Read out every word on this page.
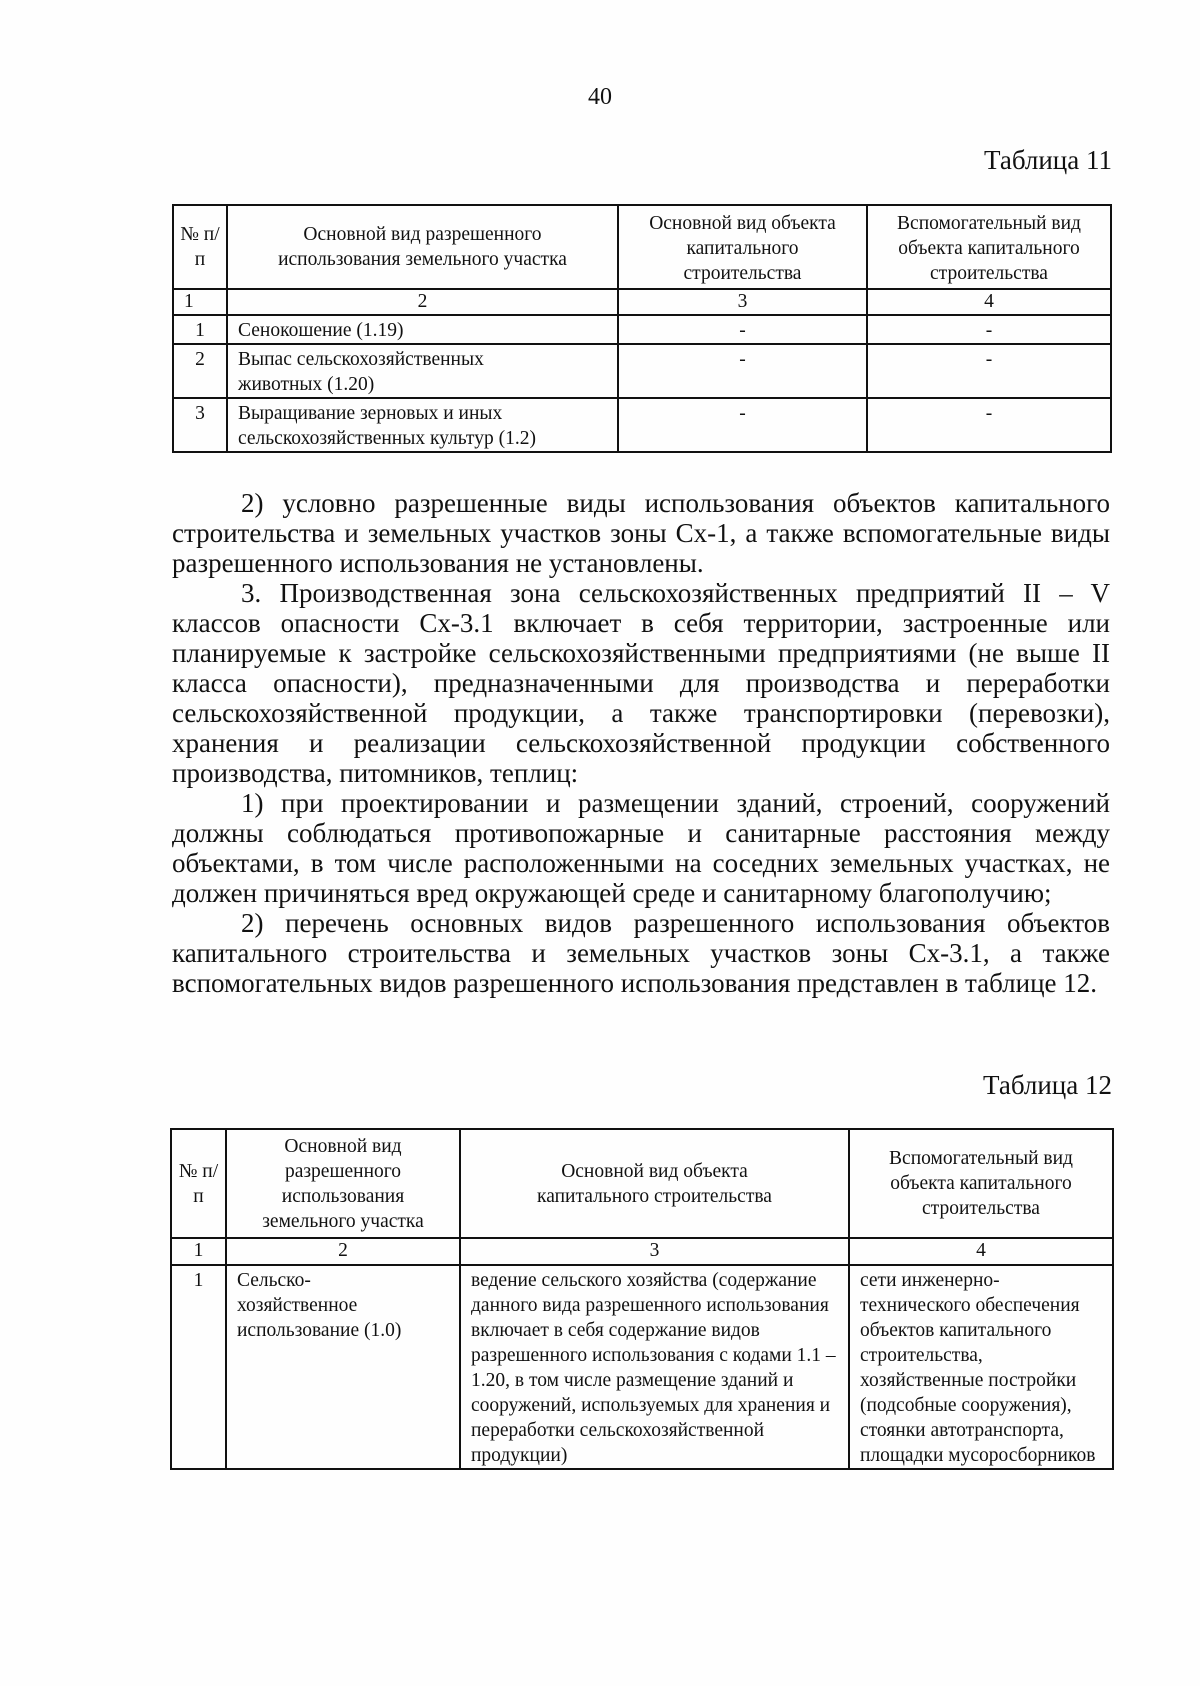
40
Таблица 11
№ п/п	Основной вид разрешенного использования земельного участка	Основной вид объекта капитального строительства	Вспомогательный вид объекта капитального строительства
1	2	3	4
1	Сенокошение (1.19)	-	-
2	Выпас сельскохозяйственных животных (1.20)	-	-
3	Выращивание зерновых и иных сельскохозяйственных культур (1.2)	-	-

2) условно разрешенные виды использования объектов капитального строительства и земельных участков зоны Сх-1, а также вспомогательные виды разрешенного использования не установлены.

3. Производственная зона сельскохозяйственных предприятий II – V классов опасности Сх-3.1 включает в себя территории, застроенные или планируемые к застройке сельскохозяйственными предприятиями (не выше II класса опасности), предназначенными для производства и переработки сельскохозяйственной продукции, а также транспортировки (перевозки), хранения и реализации сельскохозяйственной продукции собственного производства, питомников, теплиц:

1) при проектировании и размещении зданий, строений, сооружений должны соблюдаться противопожарные и санитарные расстояния между объектами, в том числе расположенными на соседних земельных участках, не должен причиняться вред окружающей среде и санитарному благополучию;

2) перечень основных видов разрешенного использования объектов капитального строительства и земельных участков зоны Сх-3.1, а также вспомогательных видов разрешенного использования представлен в таблице 12.

Таблица 12
№ п/п	Основной вид разрешенного использования земельного участка	Основной вид объекта капитального строительства	Вспомогательный вид объекта капитального строительства
1	2	3	4
1	Сельско-хозяйственное использование (1.0)	ведение сельского хозяйства (содержание данного вида разрешенного использования включает в себя содержание видов разрешенного использования с кодами 1.1 – 1.20, в том числе размещение зданий и сооружений, используемых для хранения и переработки сельскохозяйственной продукции)	сети инженерно-технического обеспечения объектов капитального строительства, хозяйственные постройки (подсобные сооружения), стоянки автотранспорта, площадки мусоросборников
